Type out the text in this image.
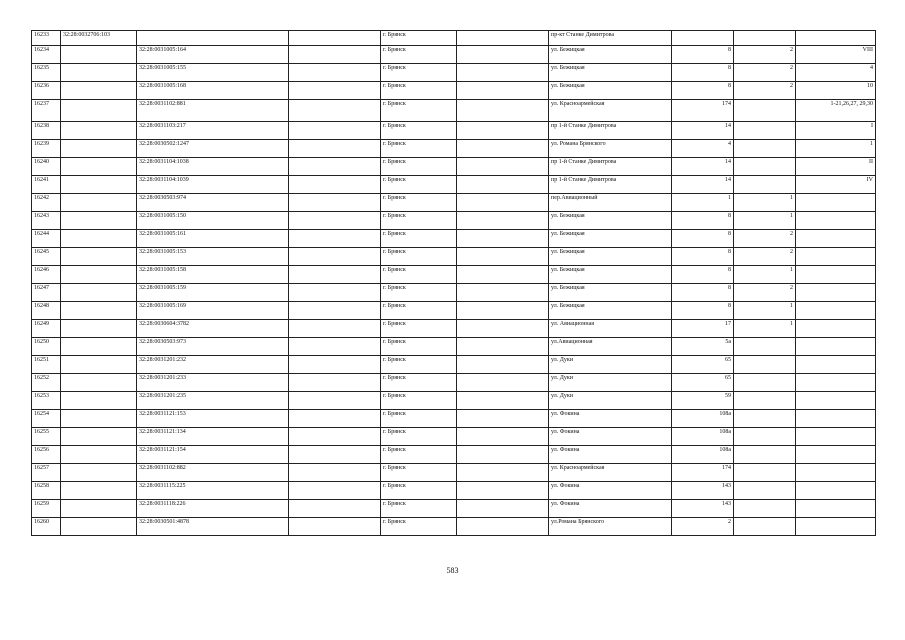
16233	32:28:0032706:103			г. Брянск		пр-кт Станке Димитрова			
16234		32:28:0031005:164		г. Брянск		ул. Бежицкая	8	2	VIII
16235		32:28:0031005:155		г. Брянск		ул. Бежицкая	8	2	4
16236		32:28:0031005:168		г. Брянск		ул. Бежицкая	8	2	10
16237		32:28:0031102:881		г. Брянск		ул. Красноармейская	174		1-21,26,27, 29,30
16238		32:28:0031103:217		г. Брянск		пр 1-й Станке Димитрова	14		I
16239		32:28:0030502:1247		г. Брянск		ул. Романа Брянского	4		1
16240		32:28:0031104:1038		г. Брянск		пр 1-й Станке Димитрова	14		II
16241		32:28:0031104:1039		г. Брянск		пр 1-й Станке Димитрова	14		IV
16242		32:28:0030503:974		г. Брянск		пер.Авиационный	1	1	
16243		32:28:0031005:150		г. Брянск		ул. Бежицкая	8	1	
16244		32:28:0031005:161		г. Брянск		ул. Бежицкая	8	2	
16245		32:28:0031005:153		г. Брянск		ул. Бежицкая	8	2	
16246		32:28:0031005:158		г. Брянск		ул. Бежицкая	8	1	
16247		32:28:0031005:159		г. Брянск		ул. Бежицкая	8	2	
16248		32:28:0031005:169		г. Брянск		ул. Бежицкая	8	1	
16249		32:28:0030604:3782		г. Брянск		ул. Авиационная	17	1	
16250		32:28:0030503:973		г. Брянск		ул.Авиационная	5а		
16251		32:28:0031201:232		г. Брянск		ул. Дуки	65		
16252		32:28:0031201:233		г. Брянск		ул. Дуки	65		
16253		32:28:0031201:235		г. Брянск		ул. Дуки	59		
16254		32:28:0031121:153		г. Брянск		ул. Фокина	108а		
16255		32:28:0031121:134		г. Брянск		ул. Фокина	108а		
16256		32:28:0031121:154		г. Брянск		ул. Фокина	108а		
16257		32:28:0031102:882		г. Брянск		ул. Красноармейская	174		
16258		32:28:0031115:225		г. Брянск		ул. Фокина	143		
16259		32:28:0031118:226		г. Брянск		ул. Фокина	143		
16260		32:28:0030501:4878		г. Брянск		ул.Романа Брянского	2		
583
